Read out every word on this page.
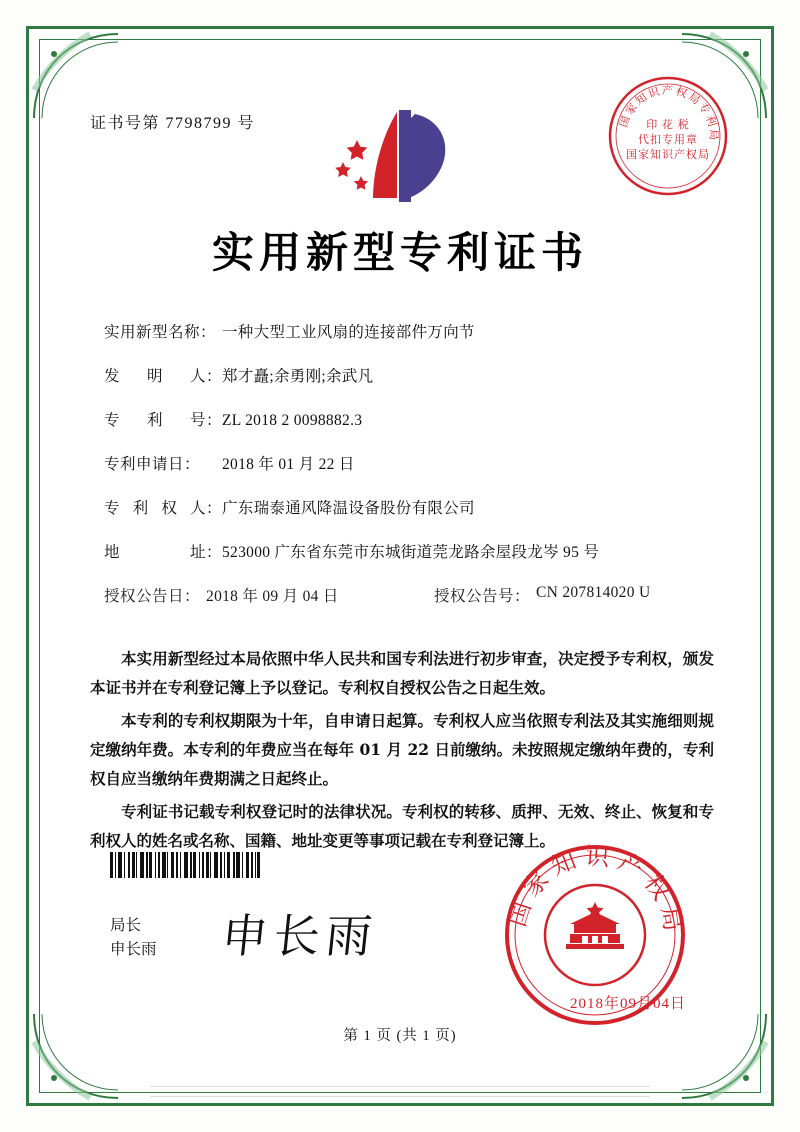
证书号第 7798799 号	国家知识产权局专利局
印 花 税
代扣专用章
国家知识产权局
实用新型专利证书
实用新型名称： 一种大型工业风扇的连接部件万向节
发 明 人： 郑才矗;余勇刚;余武凡
专 利 号： ZL 2018 2 0098882.3
专利申请日：	2018 年 01 月 22 日
专 利 权 人： 广东瑞泰通风降温设备股份有限公司
地	址： 523000 广东省东莞市东城街道莞龙路余屋段龙岑 95 号
授权公告日： 2018 年 09 月 04 日	授权公告号： CN 207814020 U

本实用新型经过本局依照中华人民共和国专利法进行初步审查，决定授予专利权，颁发本证书并在专利登记簿上予以登记。专利权自授权公告之日起生效。

本专利的专利权期限为十年，自申请日起算。专利权人应当依照专利法及其实施细则规定缴纳年费。本专利的年费应当在每年 01 月 22 日前缴纳。未按照规定缴纳年费的，专利权自应当缴纳年费期满之日起终止。

专利证书记载专利权登记时的法律状况。专利权的转移、质押、无效、终止、恢复和专利权人的姓名或名称、国籍、地址变更等事项记载在专利登记簿上。

局长
申长雨 申长雨	国家知识产权局
2018年09月04日
第 1 页 (共 1 页)
